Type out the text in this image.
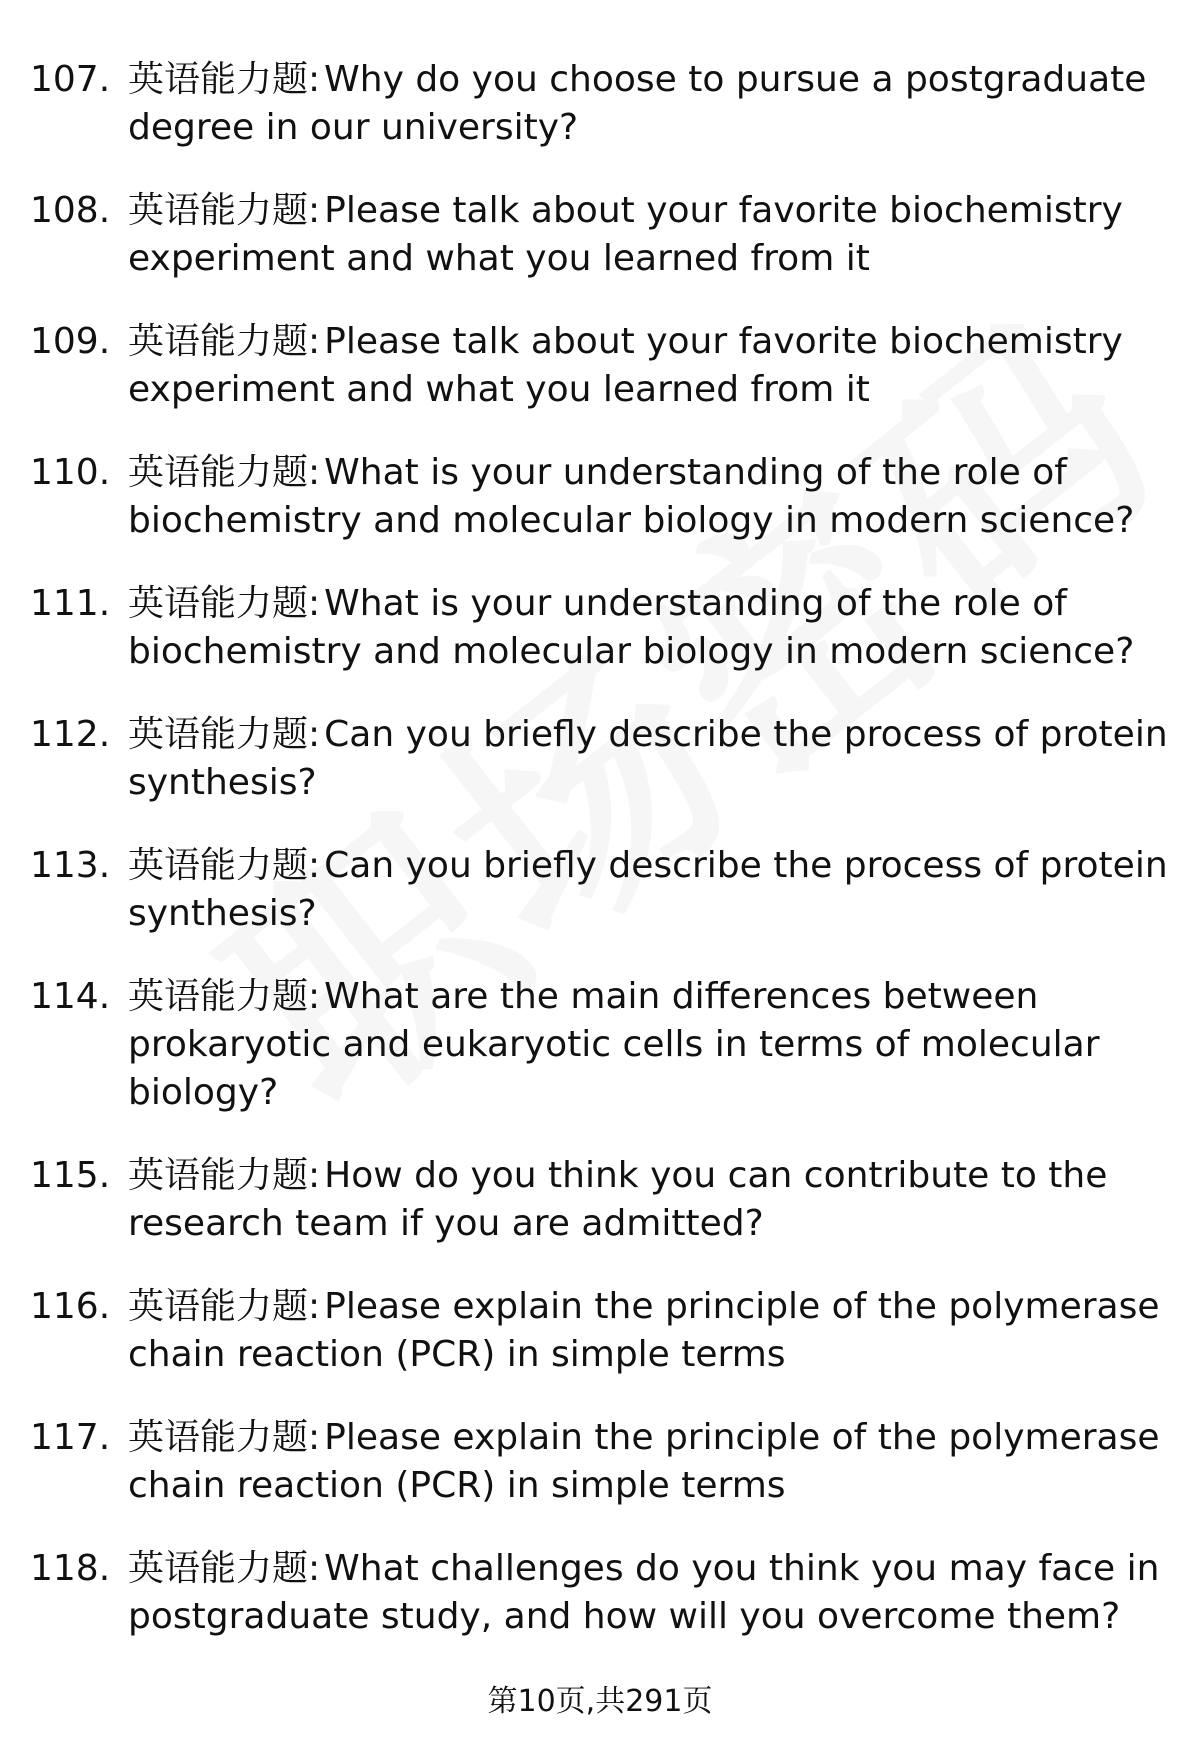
107. 英语能力题: Why do you choose to pursue a postgraduate degree in our university?
108. 英语能力题: Please talk about your favorite biochemistry experiment and what you learned from it
109. 英语能力题: Please talk about your favorite biochemistry experiment and what you learned from it
110. 英语能力题: What is your understanding of the role of biochemistry and molecular biology in modern science?
111. 英语能力题: What is your understanding of the role of biochemistry and molecular biology in modern science?
112. 英语能力题: Can you briefly describe the process of protein synthesis?
113. 英语能力题: Can you briefly describe the process of protein synthesis?
114. 英语能力题: What are the main differences between prokaryotic and eukaryotic cells in terms of molecular biology?
115. 英语能力题: How do you think you can contribute to the research team if you are admitted?
116. 英语能力题: Please explain the principle of the polymerase chain reaction (PCR) in simple terms
117. 英语能力题: Please explain the principle of the polymerase chain reaction (PCR) in simple terms
118. 英语能力题: What challenges do you think you may face in postgraduate study, and how will you overcome them?
第10页,共291页
